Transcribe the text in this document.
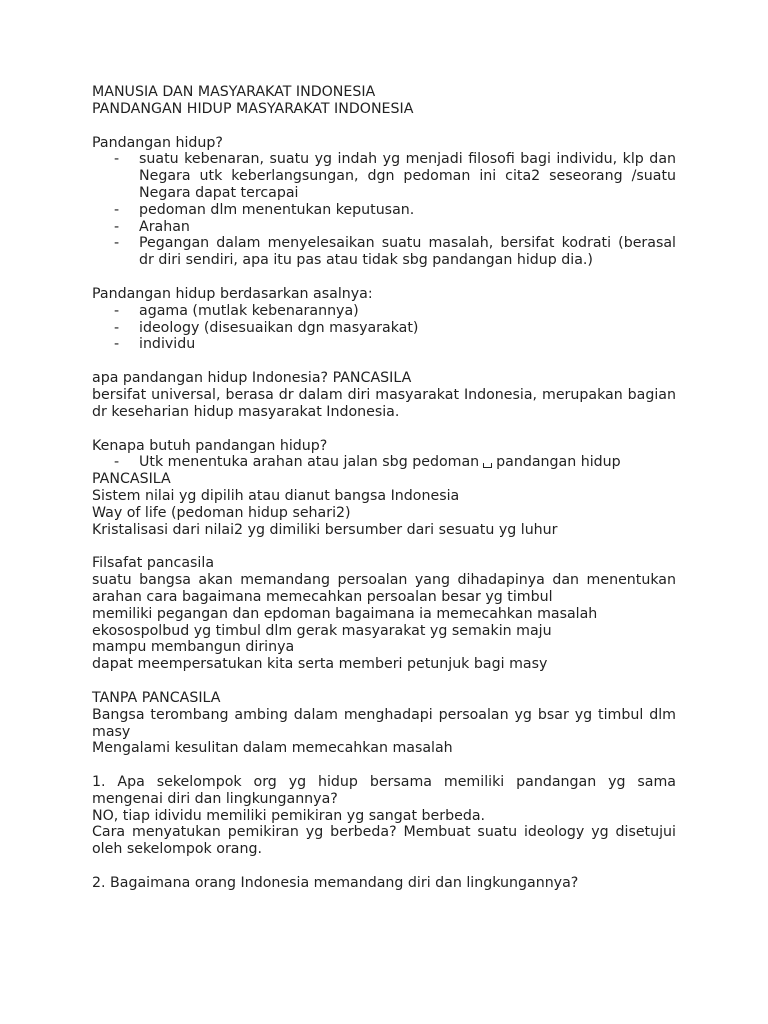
MANUSIA DAN MASYARAKAT INDONESIA

PANDANGAN HIDUP MASYARAKAT INDONESIA

Pandangan hidup?

- suatu kebenaran, suatu yg indah yg menjadi filosofi bagi individu, klp dan Negara utk keberlangsungan, dgn pedoman ini cita2 seseorang /suatu Negara dapat tercapai
- pedoman dlm menentukan keputusan.
- Arahan
- Pegangan dalam menyelesaikan suatu masalah, bersifat kodrati (berasal dr diri sendiri, apa itu pas atau tidak sbg pandangan hidup dia.)

Pandangan hidup berdasarkan asalnya:

- agama (mutlak kebenarannya)
- ideology (disesuaikan dgn masyarakat)
- individu

apa pandangan hidup Indonesia? PANCASILA

bersifat universal, berasa dr dalam diri masyarakat Indonesia, merupakan bagian dr keseharian hidup masyarakat Indonesia.

Kenapa butuh pandangan hidup?

- Utk menentuka arahan atau jalan sbg pedoman pandangan hidup

PANCASILA

Sistem nilai yg dipilih atau dianut bangsa Indonesia

Way of life (pedoman hidup sehari2)

Kristalisasi dari nilai2 yg dimiliki bersumber dari sesuatu yg luhur

Filsafat pancasila

suatu bangsa akan memandang persoalan yang dihadapinya dan menentukan arahan cara bagaimana memecahkan persoalan besar yg timbul

memiliki pegangan dan epdoman bagaimana ia memecahkan masalah

ekosospolbud yg timbul dlm gerak masyarakat yg semakin maju

mampu membangun dirinya

dapat meempersatukan kita serta memberi petunjuk bagi masy

TANPA PANCASILA

Bangsa terombang ambing dalam menghadapi persoalan yg bsar yg timbul dlm masy

Mengalami kesulitan dalam memecahkan masalah

1. Apa sekelompok org yg hidup bersama memiliki pandangan yg sama mengenai diri dan lingkungannya?

NO, tiap idividu memiliki pemikiran yg sangat berbeda.

Cara menyatukan pemikiran yg berbeda? Membuat suatu ideology yg disetujui oleh sekelompok orang.

2. Bagaimana orang Indonesia memandang diri dan lingkungannya?
